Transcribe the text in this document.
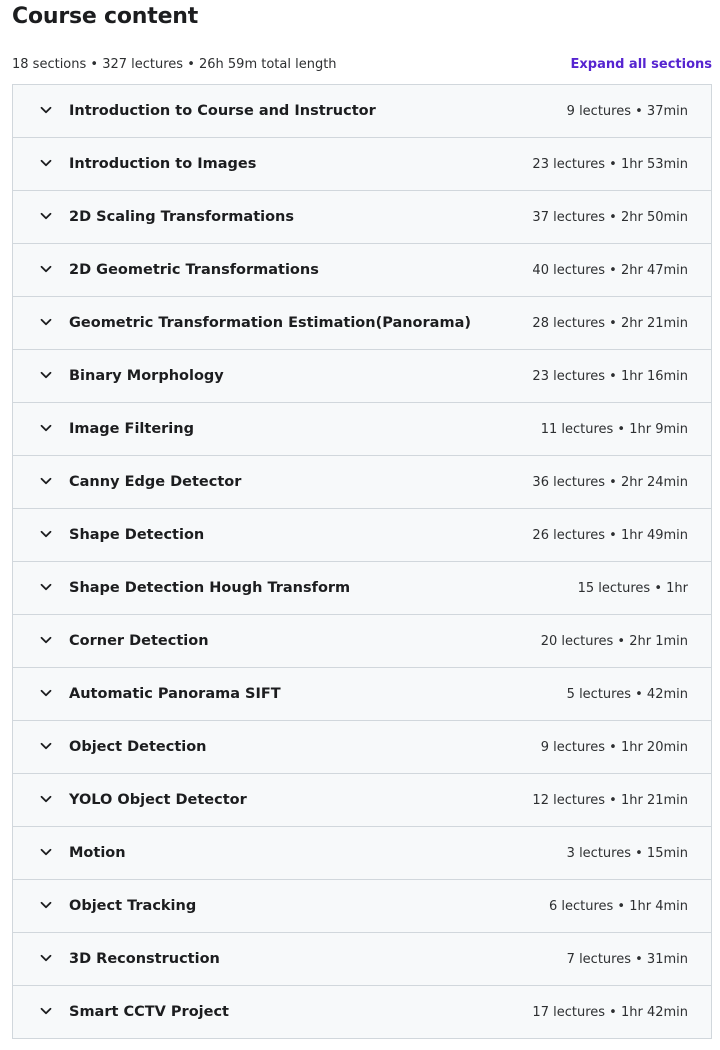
Course content
18 sections • 327 lectures • 26h 59m total length	Expand all sections
Introduction to Course and Instructor	9 lectures • 37min
Introduction to Images	23 lectures • 1hr 53min
2D Scaling Transformations	37 lectures • 2hr 50min
2D Geometric Transformations	40 lectures • 2hr 47min
Geometric Transformation Estimation(Panorama)	28 lectures • 2hr 21min
Binary Morphology	23 lectures • 1hr 16min
Image Filtering	11 lectures • 1hr 9min
Canny Edge Detector	36 lectures • 2hr 24min
Shape Detection	26 lectures • 1hr 49min
Shape Detection Hough Transform	15 lectures • 1hr
Corner Detection	20 lectures • 2hr 1min
Automatic Panorama SIFT	5 lectures • 42min
Object Detection	9 lectures • 1hr 20min
YOLO Object Detector	12 lectures • 1hr 21min
Motion	3 lectures • 15min
Object Tracking	6 lectures • 1hr 4min
3D Reconstruction	7 lectures • 31min
Smart CCTV Project	17 lectures • 1hr 42min
